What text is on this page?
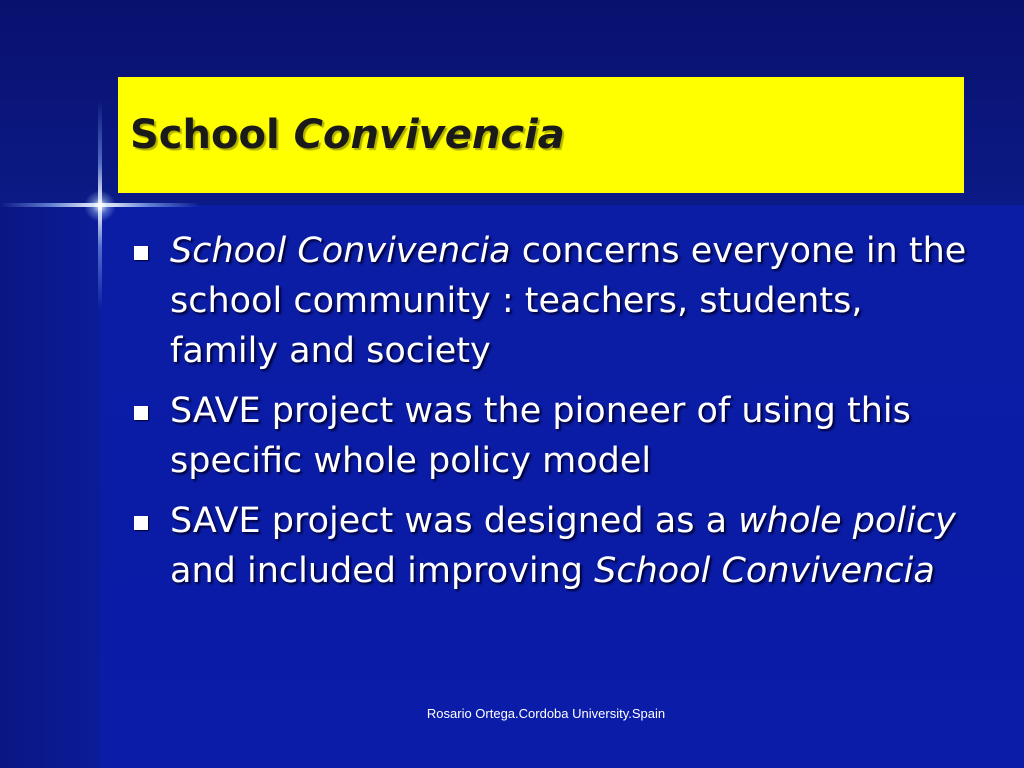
School Convivencia
School Convivencia concerns everyone in the school community : teachers, students, family and society
SAVE project was the pioneer of using this specific whole policy model
SAVE project was designed as a whole policy  and included improving School Convivencia
Rosario Ortega.Cordoba University.Spain
